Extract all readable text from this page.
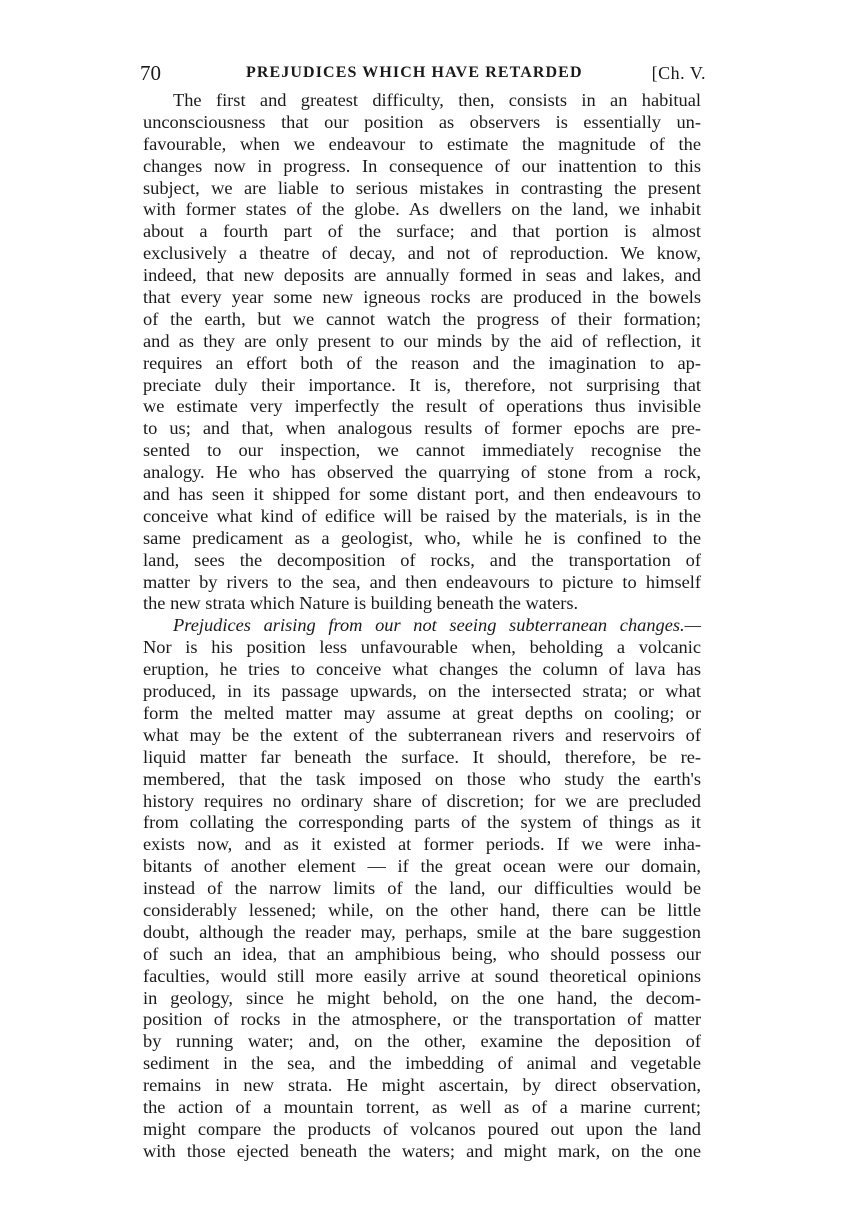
70	PREJUDICES WHICH HAVE RETARDED	[Ch. V.
The first and greatest difficulty, then, consists in an habitual
unconsciousness that our position as observers is essentially un-
favourable, when we endeavour to estimate the magnitude of the
changes now in progress. In consequence of our inattention to this
subject, we are liable to serious mistakes in contrasting the present
with former states of the globe. As dwellers on the land, we inhabit
about a fourth part of the surface; and that portion is almost
exclusively a theatre of decay, and not of reproduction. We know,
indeed, that new deposits are annually formed in seas and lakes, and
that every year some new igneous rocks are produced in the bowels
of the earth, but we cannot watch the progress of their formation;
and as they are only present to our minds by the aid of reflection, it
requires an effort both of the reason and the imagination to ap-
preciate duly their importance. It is, therefore, not surprising that
we estimate very imperfectly the result of operations thus invisible
to us; and that, when analogous results of former epochs are pre-
sented to our inspection, we cannot immediately recognise the
analogy. He who has observed the quarrying of stone from a rock,
and has seen it shipped for some distant port, and then endeavours to
conceive what kind of edifice will be raised by the materials, is in the
same predicament as a geologist, who, while he is confined to the
land, sees the decomposition of rocks, and the transportation of
matter by rivers to the sea, and then endeavours to picture to himself
the new strata which Nature is building beneath the waters.
Prejudices arising from our not seeing subterranean changes.—
Nor is his position less unfavourable when, beholding a volcanic
eruption, he tries to conceive what changes the column of lava has
produced, in its passage upwards, on the intersected strata; or what
form the melted matter may assume at great depths on cooling; or
what may be the extent of the subterranean rivers and reservoirs of
liquid matter far beneath the surface. It should, therefore, be re-
membered, that the task imposed on those who study the earth's
history requires no ordinary share of discretion; for we are precluded
from collating the corresponding parts of the system of things as it
exists now, and as it existed at former periods. If we were inha-
bitants of another element — if the great ocean were our domain,
instead of the narrow limits of the land, our difficulties would be
considerably lessened; while, on the other hand, there can be little
doubt, although the reader may, perhaps, smile at the bare suggestion
of such an idea, that an amphibious being, who should possess our
faculties, would still more easily arrive at sound theoretical opinions
in geology, since he might behold, on the one hand, the decom-
position of rocks in the atmosphere, or the transportation of matter
by running water; and, on the other, examine the deposition of
sediment in the sea, and the imbedding of animal and vegetable
remains in new strata. He might ascertain, by direct observation,
the action of a mountain torrent, as well as of a marine current;
might compare the products of volcanos poured out upon the land
with those ejected beneath the waters; and might mark, on the one
